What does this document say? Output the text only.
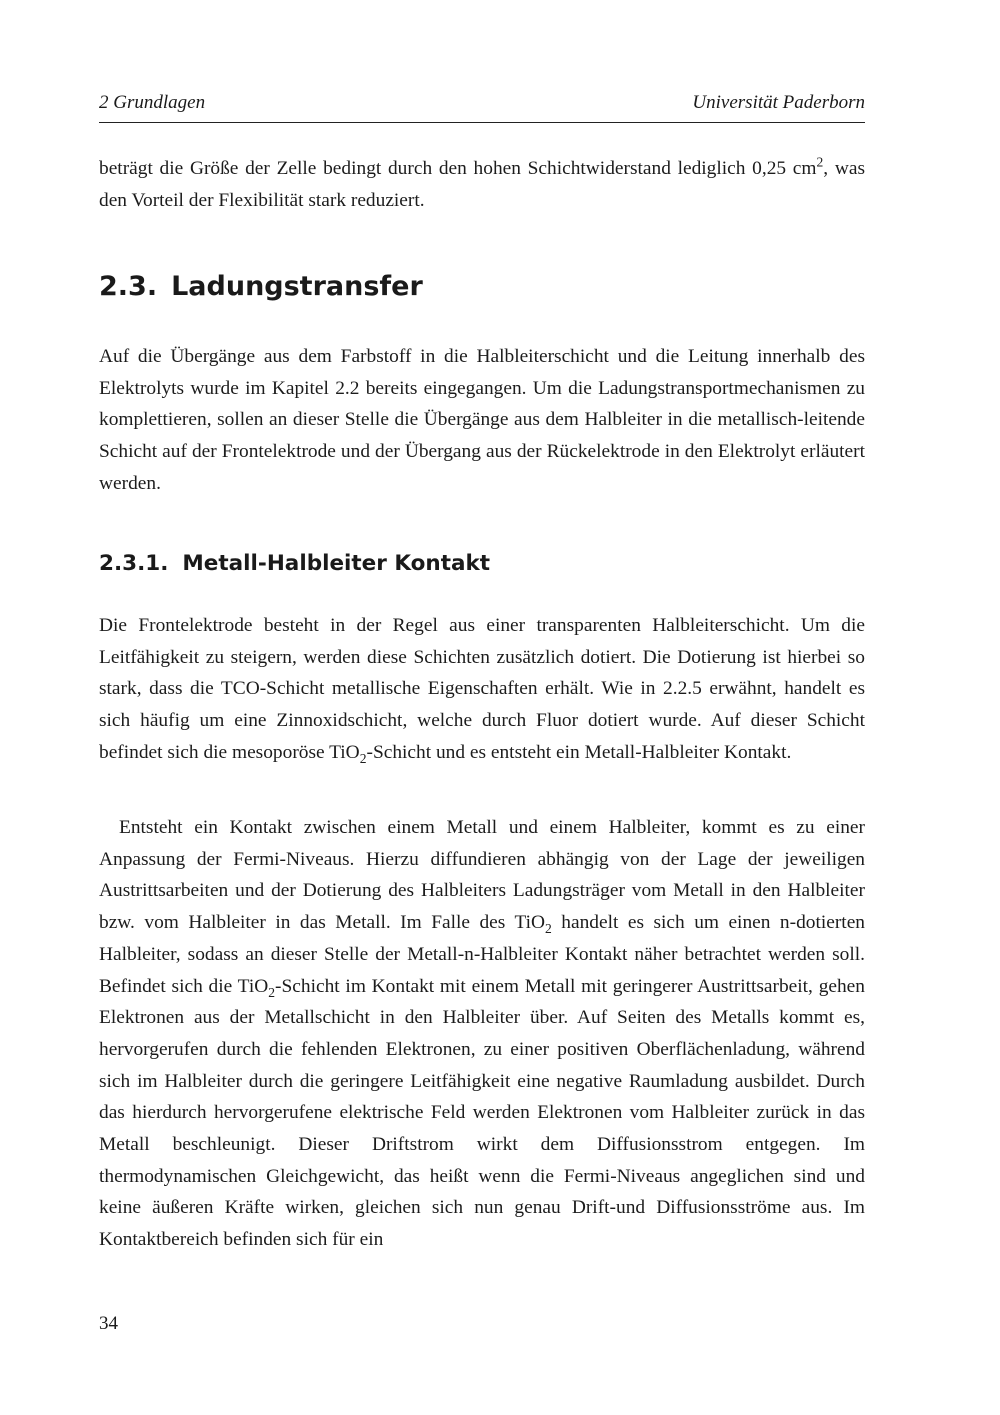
2 Grundlagen	Universität Paderborn

beträgt die Größe der Zelle bedingt durch den hohen Schichtwiderstand lediglich 0,25 $cm^2$, was den Vorteil der Flexibilität stark reduziert.

2.3. Ladungstransfer

Auf die Übergänge aus dem Farbstoff in die Halbleiterschicht und die Leitung innerhalb des Elektrolyts wurde im Kapitel 2.2 bereits eingegangen. Um die Ladungstransportmechanismen zu komplettieren, sollen an dieser Stelle die Übergänge aus dem Halbleiter in die metallisch-leitende Schicht auf der Frontelektrode und der Übergang aus der Rückelektrode in den Elektrolyt erläutert werden.

2.3.1. Metall-Halbleiter Kontakt

Die Frontelektrode besteht in der Regel aus einer transparenten Halbleiterschicht. Um die Leitfähigkeit zu steigern, werden diese Schichten zusätzlich dotiert. Die Dotierung ist hierbei so stark, dass die TCO-Schicht metallische Eigenschaften erhält. Wie in 2.2.5 erwähnt, handelt es sich häufig um eine Zinnoxidschicht, welche durch Fluor dotiert wurde. Auf dieser Schicht befindet sich die mesoporöse TiO$_2$-Schicht und es entsteht ein Metall-Halbleiter Kontakt.

Entsteht ein Kontakt zwischen einem Metall und einem Halbleiter, kommt es zu einer Anpassung der Fermi-Niveaus. Hierzu diffundieren abhängig von der Lage der jeweiligen Austrittsarbeiten und der Dotierung des Halbleiters Ladungsträger vom Metall in den Halbleiter bzw. vom Halbleiter in das Metall. Im Falle des TiO$_2$ handelt es sich um einen n-dotierten Halbleiter, sodass an dieser Stelle der Metall-n-Halbleiter Kontakt näher betrachtet werden soll. Befindet sich die TiO$_2$-Schicht im Kontakt mit einem Metall mit geringerer Austrittsarbeit, gehen Elektronen aus der Metallschicht in den Halbleiter über. Auf Seiten des Metalls kommt es, hervorgerufen durch die fehlenden Elektronen, zu einer positiven Oberflächenladung, während sich im Halbleiter durch die geringere Leitfähigkeit eine negative Raumladung ausbildet. Durch das hierdurch hervorgerufene elektrische Feld werden Elektronen vom Halbleiter zurück in das Metall beschleunigt. Dieser Driftstrom wirkt dem Diffusionsstrom entgegen. Im thermodynamischen Gleichgewicht, das heißt wenn die Fermi-Niveaus angeglichen sind und keine äußeren Kräfte wirken, gleichen sich nun genau Drift-und Diffusionsströme aus. Im Kontaktbereich befinden sich für ein

34
